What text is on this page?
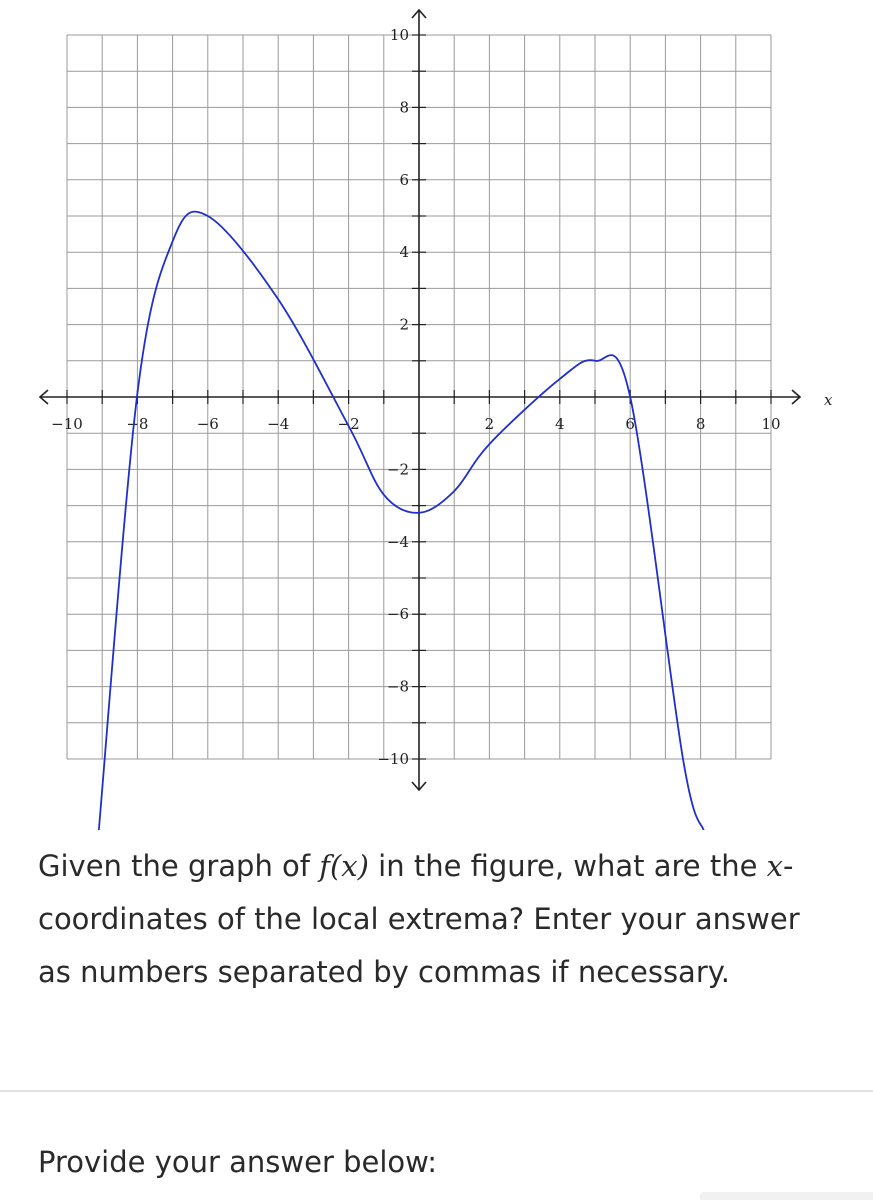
−10	−8	−6	−4	−2	2	4	6	8	10
10
8
6
4
2
−2
−4
−6
−8
−10
x
Given the graph of f(x) in the figure, what are the x-coordinates of the local extrema? Enter your answer as numbers separated by commas if necessary.
Provide your answer below:
